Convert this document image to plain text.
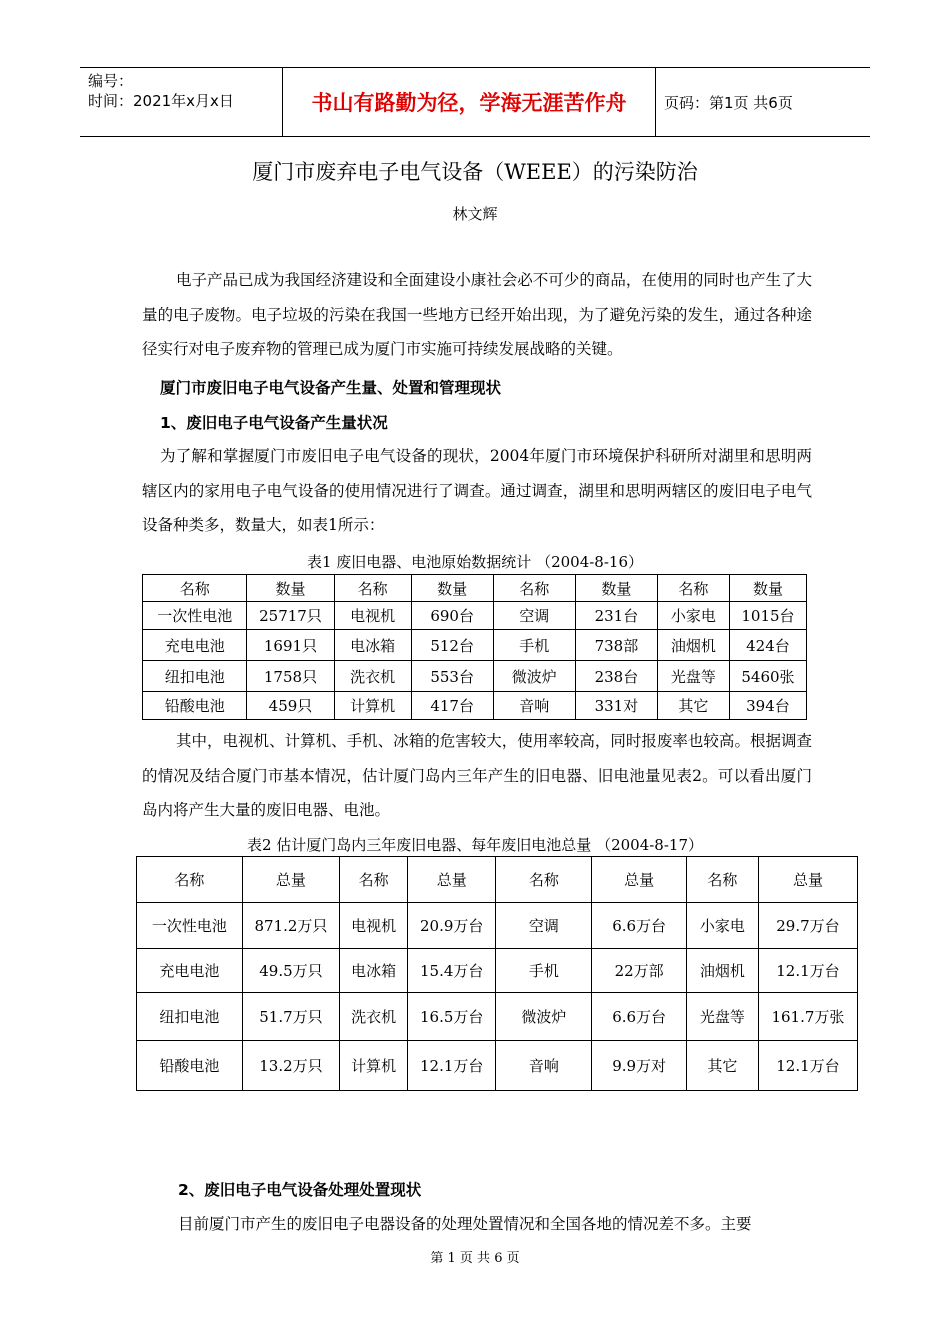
编号：
时间：2021年x月x日	书山有路勤为径，学海无涯苦作舟	页码：第1页 共6页
厦门市废弃电子电气设备（WEEE）的污染防治
林文辉
电子产品已成为我国经济建设和全面建设小康社会必不可少的商品，在使用的同时也产生了大量的电子废物。电子垃圾的污染在我国一些地方已经开始出现，为了避免污染的发生，通过各种途径实行对电子废弃物的管理已成为厦门市实施可持续发展战略的关键。
厦门市废旧电子电气设备产生量、处置和管理现状
1、废旧电子电气设备产生量状况
为了解和掌握厦门市废旧电子电气设备的现状，2004年厦门市环境保护科研所对湖里和思明两辖区内的家用电子电气设备的使用情况进行了调查。通过调查，湖里和思明两辖区的废旧电子电气设备种类多，数量大，如表1所示：
表1 废旧电器、电池原始数据统计 （2004-8-16）
名称	数量	名称	数量	名称	数量	名称	数量
一次性电池	25717只	电视机	690台	空调	231台	小家电	1015台
充电电池	1691只	电冰箱	512台	手机	738部	油烟机	424台
纽扣电池	1758只	洗衣机	553台	微波炉	238台	光盘等	5460张
铅酸电池	459只	计算机	417台	音响	331对	其它	394台
其中，电视机、计算机、手机、冰箱的危害较大，使用率较高，同时报废率也较高。根据调查的情况及结合厦门市基本情况，估计厦门岛内三年产生的旧电器、旧电池量见表2。可以看出厦门岛内将产生大量的废旧电器、电池。
表2 估计厦门岛内三年废旧电器、每年废旧电池总量 （2004-8-17）
名称	总量	名称	总量	名称	总量	名称	总量
一次性电池	871.2万只	电视机	20.9万台	空调	6.6万台	小家电	29.7万台
充电电池	49.5万只	电冰箱	15.4万台	手机	22万部	油烟机	12.1万台
纽扣电池	51.7万只	洗衣机	16.5万台	微波炉	6.6万台	光盘等	161.7万张
铅酸电池	13.2万只	计算机	12.1万台	音响	9.9万对	其它	12.1万台
2、废旧电子电气设备处理处置现状
目前厦门市产生的废旧电子电器设备的处理处置情况和全国各地的情况差不多。主要
第 1 页 共 6 页
